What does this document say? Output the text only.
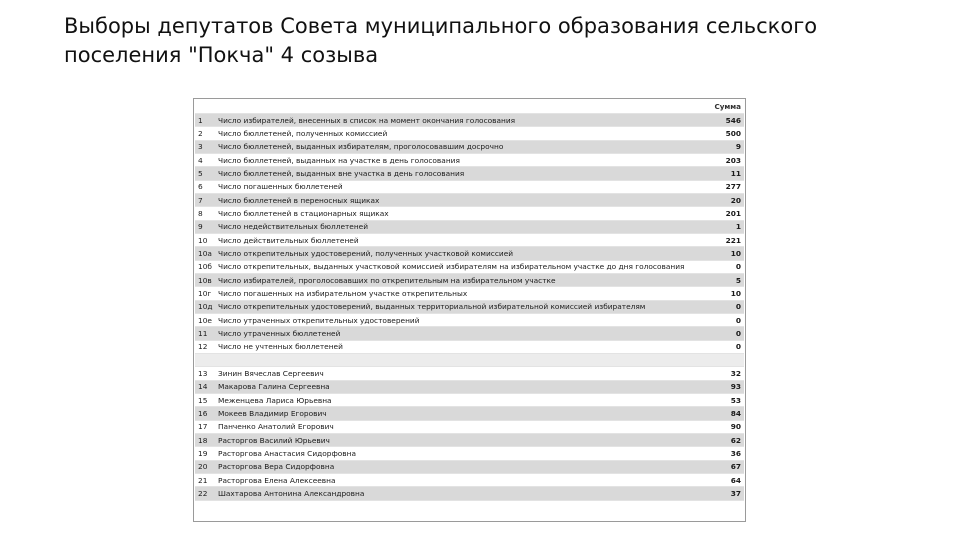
Выборы депутатов Совета муниципального образования сельского
поселения "Покча" 4 созыва
		Сумма
1	Число избирателей, внесенных в список на момент окончания голосования	546
2	Число бюллетеней, полученных комиссией	500
3	Число бюллетеней, выданных избирателям, проголосовавшим досрочно	9
4	Число бюллетеней, выданных на участке в день голосования	203
5	Число бюллетеней, выданных вне участка в день голосования	11
6	Число погашенных бюллетеней	277
7	Число бюллетеней в переносных ящиках	20
8	Число бюллетеней в стационарных ящиках	201
9	Число недействительных бюллетеней	1
10	Число действительных бюллетеней	221
10а	Число открепительных удостоверений, полученных участковой комиссией	10
10б	Число открепительных, выданных участковой комиссией избирателям на избирательном участке до дня голосования	0
10в	Число избирателей, проголосовавших по открепительным на избирательном участке	5
10г	Число погашенных на избирательном участке открепительных	10
10д	Число открепительных удостоверений, выданных территориальной избирательной комиссией избирателям	0
10е	Число утраченных открепительных удостоверений	0
11	Число утраченных бюллетеней	0
12	Число не учтенных бюллетеней	0

13	Зинин Вячеслав Сергеевич	32
14	Макарова Галина Сергеевна	93
15	Меженцева Лариса Юрьевна	53
16	Мокеев Владимир Егорович	84
17	Панченко Анатолий Егорович	90
18	Расторгов Василий Юрьевич	62
19	Расторгова Анастасия Сидорфовна	36
20	Расторгова Вера Сидорфовна	67
21	Расторгова Елена Алексеевна	64
22	Шахтарова Антонина Александровна	37
